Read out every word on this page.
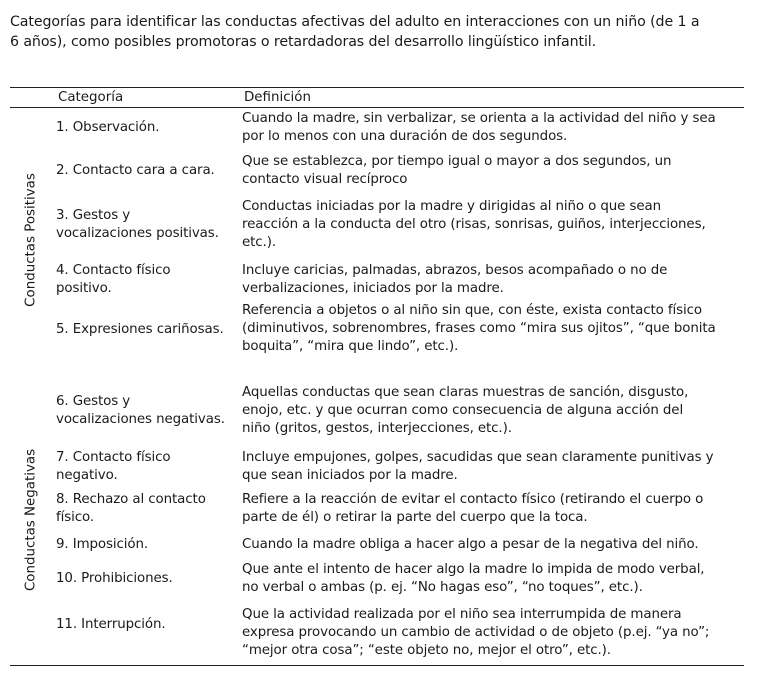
Categorías para identificar las conductas afectivas del adulto en interacciones con un niño (de 1 a
6 años), como posibles promotoras o retardadoras del desarrollo lingüístico infantil.
Categoría	Definición
Conductas Positivas
Conductas Negativas
1. Observación.
Cuando la madre, sin verbalizar, se orienta a la actividad del niño y sea
por lo menos con una duración de dos segundos.
2. Contacto cara a cara.
Que se establezca, por tiempo igual o mayor a dos segundos, un
contacto visual recíproco
3. Gestos y
vocalizaciones positivas.
Conductas iniciadas por la madre y dirigidas al niño o que sean
reacción a la conducta del otro (risas, sonrisas, guiños, interjecciones,
etc.).
4. Contacto físico
positivo.
Incluye caricias, palmadas, abrazos, besos acompañado o no de
verbalizaciones, iniciados por la madre.
5. Expresiones cariñosas.
Referencia a objetos o al niño sin que, con éste, exista contacto físico
(diminutivos, sobrenombres, frases como “mira sus ojitos”, “que bonita
boquita”, “mira que lindo”, etc.).
6. Gestos y
vocalizaciones negativas.
Aquellas conductas que sean claras muestras de sanción, disgusto,
enojo, etc. y que ocurran como consecuencia de alguna acción del
niño (gritos, gestos, interjecciones, etc.).
7. Contacto físico
negativo.
Incluye empujones, golpes, sacudidas que sean claramente punitivas y
que sean iniciados por la madre.
8. Rechazo al contacto
físico.
Refiere a la reacción de evitar el contacto físico (retirando el cuerpo o
parte de él) o retirar la parte del cuerpo que la toca.
9. Imposición.	Cuando la madre obliga a hacer algo a pesar de la negativa del niño.
10. Prohibiciones.
Que ante el intento de hacer algo la madre lo impida de modo verbal,
no verbal o ambas (p. ej. “No hagas eso”, “no toques”, etc.).
11. Interrupción.
Que la actividad realizada por el niño sea interrumpida de manera
expresa provocando un cambio de actividad o de objeto (p.ej. “ya no”;
“mejor otra cosa”; “este objeto no, mejor el otro”, etc.).
